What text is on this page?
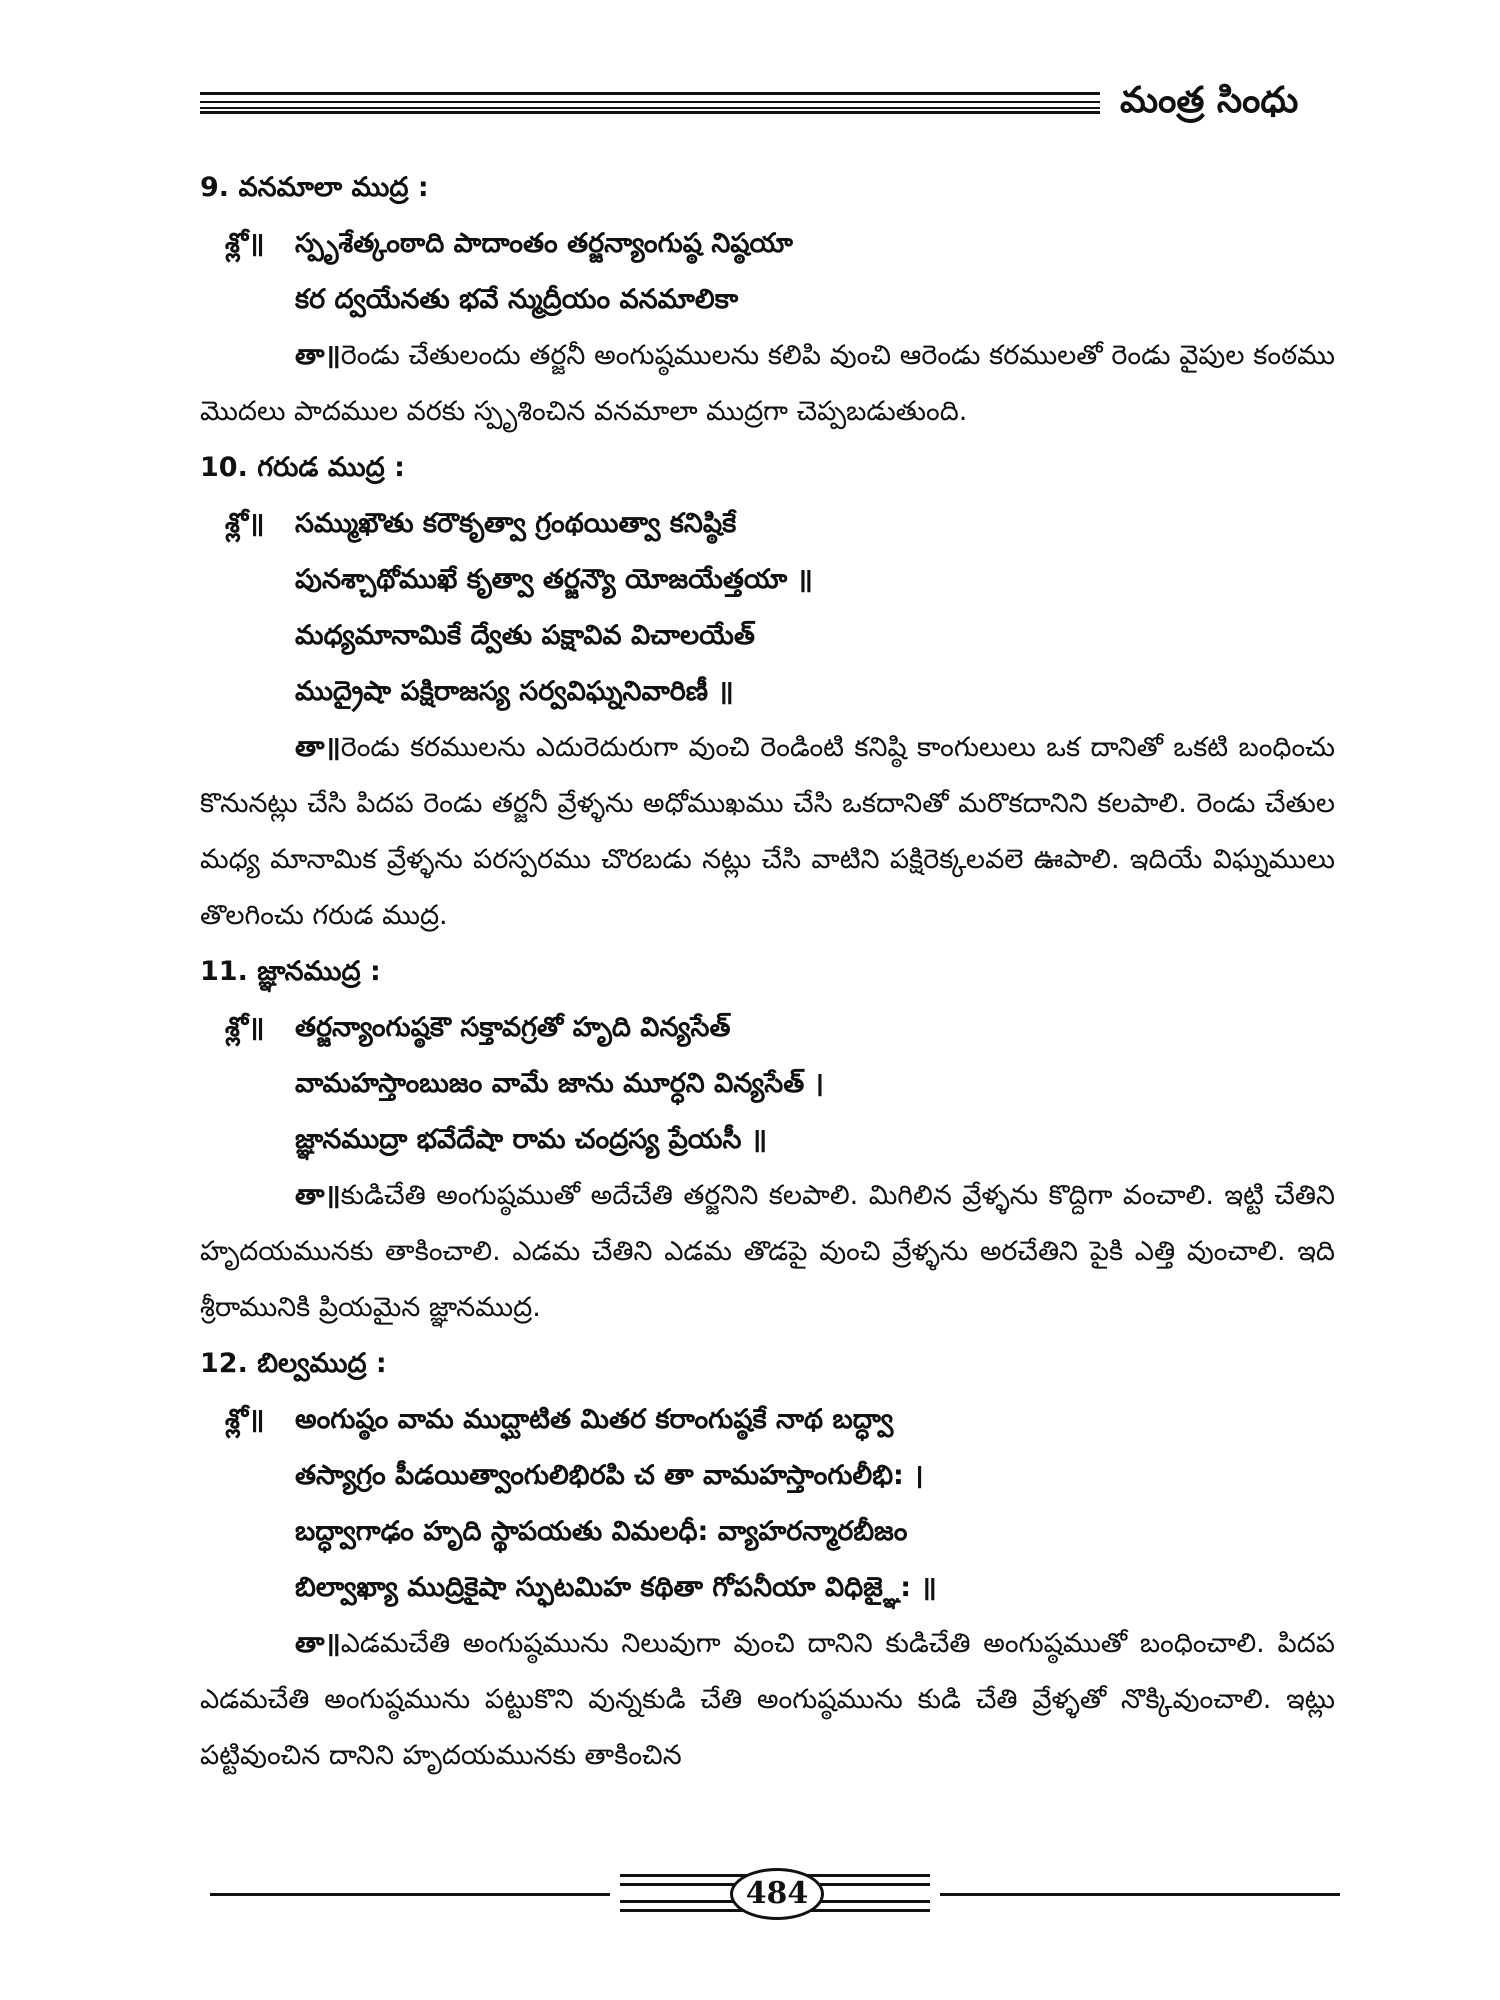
మంత్ర సింధు
9. వనమాలా ముద్ర :
శ్లో॥ స్పృశేత్కంఠాది పాదాంతం తర్జన్యాంగుష్ఠ నిష్ఠయా
కర ద్వయేనతు భవే న్ముద్రీయం వనమాలికా

తా॥రెండు చేతులందు తర్జనీ అంగుష్ఠములను కలిపి వుంచి ఆరెండు కరములతో రెండు వైపుల కంఠము మొదలు పాదముల వరకు స్పృశించిన వనమాలా ముద్రగా చెప్పబడుతుంది.

10. గరుడ ముద్ర :
శ్లో॥ సమ్ముఖౌతు కరౌకృత్వా గ్రంథయిత్వా కనిష్ఠికే
పునశ్చాథోముఖే కృత్వా తర్జన్యౌ యోజయేత్తయా ॥
మధ్యమానామికే ద్వేతు పక్షావివ విచాలయేత్
ముద్రైషా పక్షిరాజస్య సర్వవిఘ్ననివారిణీ ॥

తా॥రెండు కరములను ఎదురెదురుగా వుంచి రెండింటి కనిష్ఠి కాంగులులు ఒక దానితో ఒకటి బంధించు కొనునట్లు చేసి పిదప రెండు తర్జనీ వ్రేళ్ళను అధోముఖము చేసి ఒకదానితో మరొకదానిని కలపాలి. రెండు చేతుల మధ్య మానామిక వ్రేళ్ళను పరస్పరము చొరబడు నట్లు చేసి వాటిని పక్షిరెక్కలవలె ఊపాలి. ఇదియే విఘ్నములు తొలగించు గరుడ ముద్ర.

11. జ్ఞానముద్ర :
శ్లో॥ తర్జన్యాంగుష్ఠకౌ సక్తావగ్రతో హృది విన్యసేత్
వామహస్తాంబుజం వామే జాను మూర్ధని విన్యసేత్ ।
జ్ఞానముద్రా భవేదేషా రామ చంద్రస్య ప్రేయసీ ॥

తా॥కుడిచేతి అంగుష్ఠముతో అదేచేతి తర్జనిని కలపాలి. మిగిలిన వ్రేళ్ళను కొద్దిగా వంచాలి. ఇట్టి చేతిని హృదయమునకు తాకించాలి. ఎడమ చేతిని ఎడమ తొడపై వుంచి వ్రేళ్ళను అరచేతిని పైకి ఎత్తి వుంచాలి. ఇది శ్రీరామునికి ప్రియమైన జ్ఞానముద్ర.

12. బిల్వముద్ర :
శ్లో॥ అంగుష్ఠం వామ ముద్ఘాటిత మితర కరాంగుష్ఠకే నాథ బద్ధ్వా
తస్యాగ్రం పీడయిత్వాంగులిభిరపి చ తా వామహస్తాంగులీభి: ।
బద్ధ్వాగాఢం హృది స్థాపయతు విమలధీ: వ్యాహరన్మారబీజం
బిల్వాఖ్యా ముద్రికైషా స్ఫుటమిహ కథితా గోపనీయా విధిజ్ఞై: ॥

తా॥ఎడమచేతి అంగుష్ఠమును నిలువుగా వుంచి దానిని కుడిచేతి అంగుష్ఠముతో బంధించాలి. పిదప ఎడమచేతి అంగుష్ఠమును పట్టుకొని వున్నకుడి చేతి అంగుష్ఠమును కుడి చేతి వ్రేళ్ళతో నొక్కివుంచాలి. ఇట్లు పట్టివుంచిన దానిని హృదయమునకు తాకించిన

484
